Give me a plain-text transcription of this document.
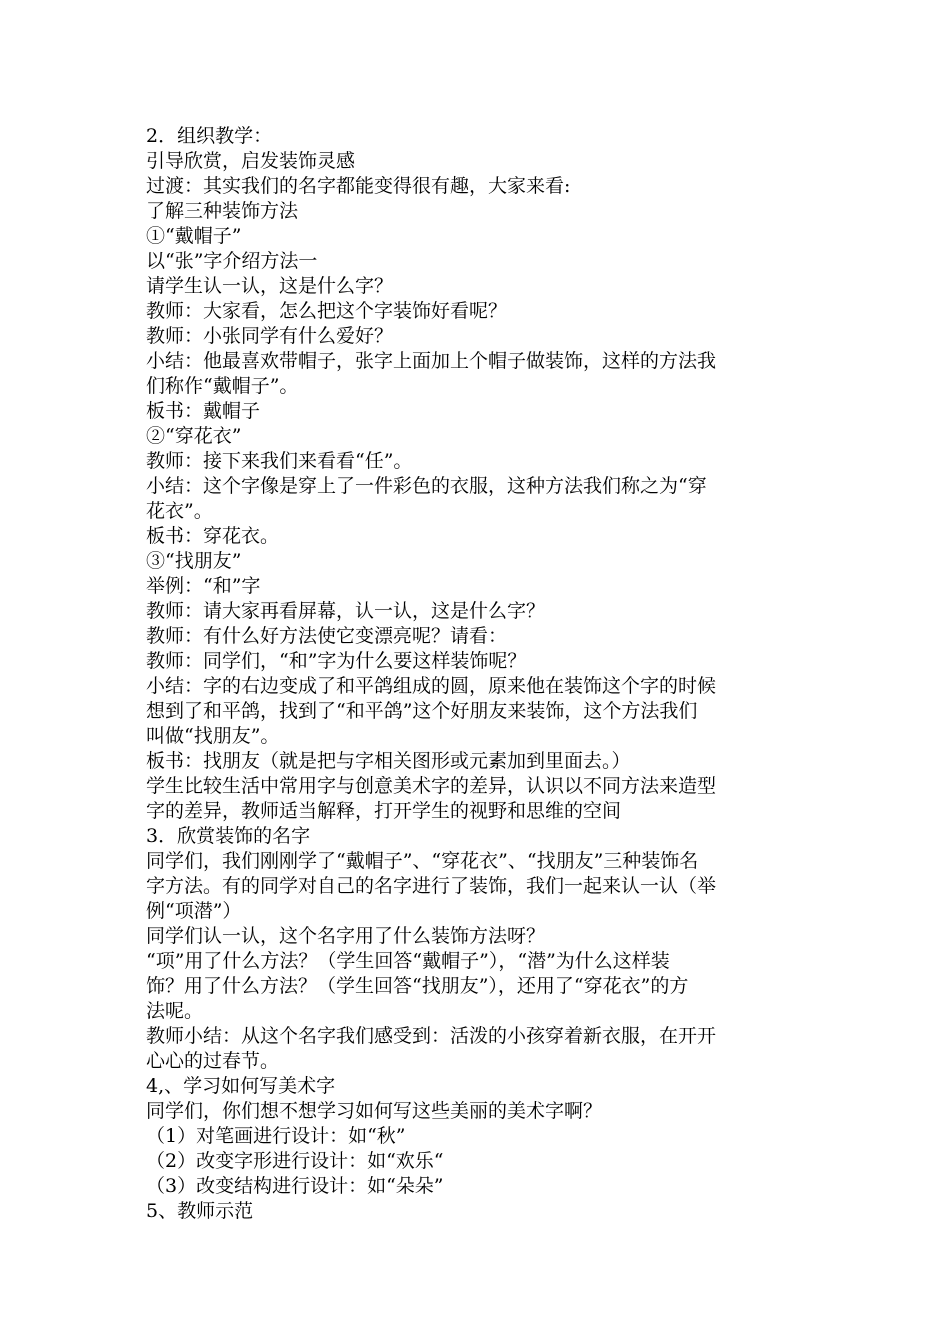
2．组织教学：
引导欣赏，启发装饰灵感
过渡：其实我们的名字都能变得很有趣，大家来看:
了解三种装饰方法
①“戴帽子”
以“张”字介绍方法一
请学生认一认，这是什么字？
教师：大家看，怎么把这个字装饰好看呢？
教师：小张同学有什么爱好？
小结：他最喜欢带帽子，张字上面加上个帽子做装饰，这样的方法我
们称作“戴帽子”。
板书：戴帽子
②“穿花衣”
教师：接下来我们来看看“任”。
小结：这个字像是穿上了一件彩色的衣服，这种方法我们称之为“穿
花衣”。
板书：穿花衣。
③“找朋友”
举例：“和”字
教师：请大家再看屏幕，认一认，这是什么字？
教师：有什么好方法使它变漂亮呢？请看：
教师：同学们，“和”字为什么要这样装饰呢？
小结：字的右边变成了和平鸽组成的圆，原来他在装饰这个字的时候
想到了和平鸽，找到了“和平鸽”这个好朋友来装饰，这个方法我们
叫做“找朋友”。
板书：找朋友（就是把与字相关图形或元素加到里面去。）
学生比较生活中常用字与创意美术字的差异，认识以不同方法来造型
字的差异，教师适当解释，打开学生的视野和思维的空间
3．欣赏装饰的名字
同学们，我们刚刚学了“戴帽子”、“穿花衣”、“找朋友”三种装饰名
字方法。有的同学对自己的名字进行了装饰，我们一起来认一认（举
例“项潜”）
同学们认一认，这个名字用了什么装饰方法呀？
“项”用了什么方法？（学生回答“戴帽子”），“潜”为什么这样装
饰？用了什么方法？（学生回答“找朋友”），还用了“穿花衣”的方
法呢。
教师小结：从这个名字我们感受到：活泼的小孩穿着新衣服，在开开
心心的过春节。
4,、学习如何写美术字
同学们，你们想不想学习如何写这些美丽的美术字啊？
（1）对笔画进行设计：如“秋”
（2）改变字形进行设计：如“欢乐“
（3）改变结构进行设计：如“朵朵”
5、教师示范
